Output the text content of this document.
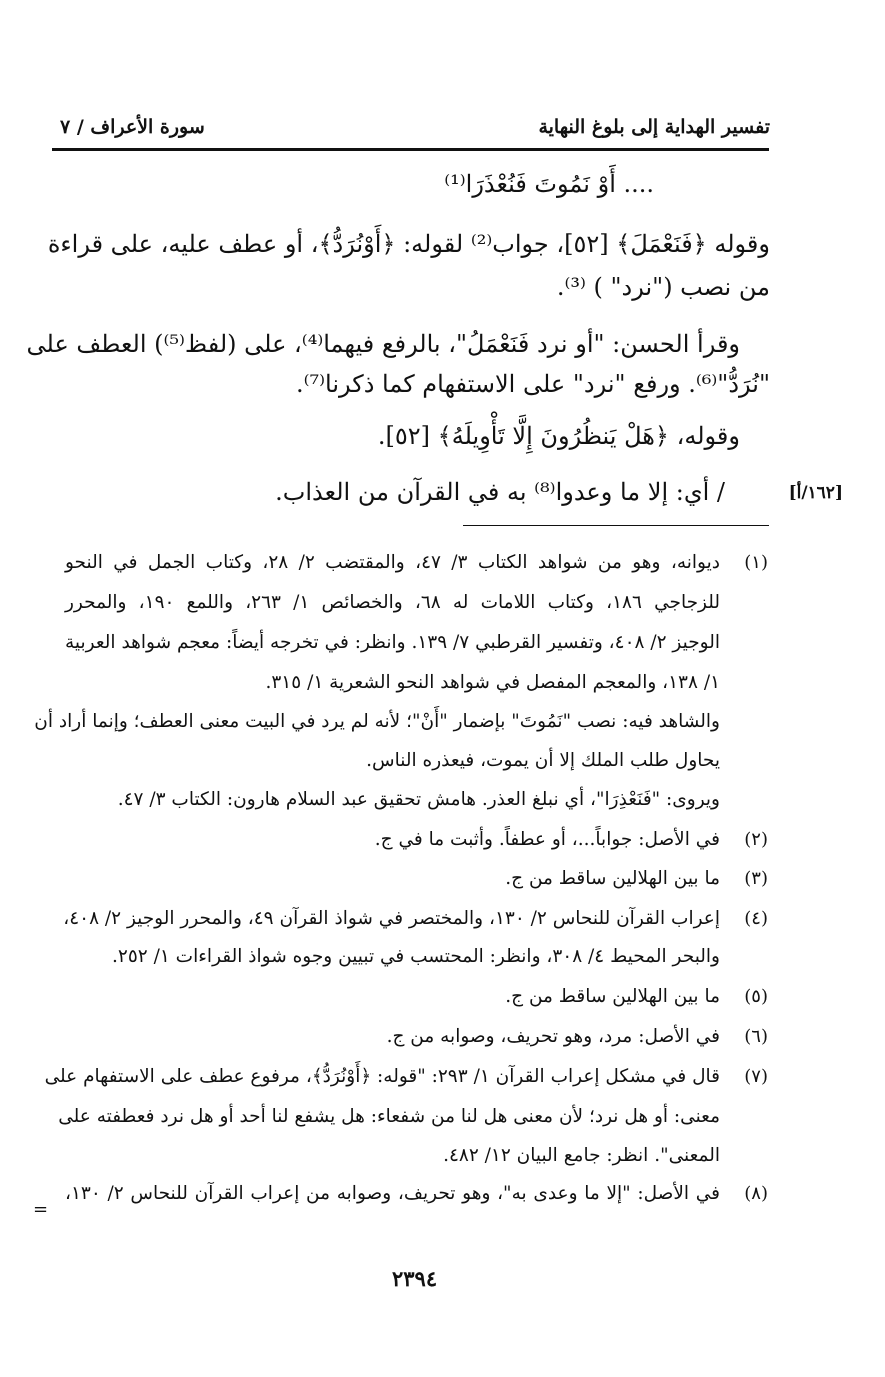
تفسير الهداية إلى بلوغ النهاية
سورة الأعراف / ٧
.... أَوْ نَمُوتَ فَنُعْذَرَا⁽¹⁾
وقوله ﴿فَنَعْمَلَ﴾ [٥٢]، جواب⁽²⁾ لقوله: ﴿أَوْنُرَدُّ﴾، أو عطف عليه، على قراءة
من نصب ("نرد" ) ⁽³⁾.
وقرأ الحسن: "أو نرد فَنَعْمَلُ"، بالرفع فيهما⁽⁴⁾، على (لفظ⁽⁵⁾) العطف على
"نُرَدُّ"⁽⁶⁾. ورفع "نرد" على الاستفهام كما ذكرنا⁽⁷⁾.
وقوله، ﴿هَلْ يَنظُرُونَ إِلَّا تَأْوِيلَهُ﴾ [٥٢].
/ أي: إلا ما وعدوا⁽⁸⁾ به في القرآن من العذاب.	[١٦٢/أ]
(١)
(٢)
(٣)
(٤)
(٥)
(٦)
(٧)
(٨)
ديوانه، وهو من شواهد الكتاب ٣/ ٤٧، والمقتضب ٢/ ٢٨، وكتاب الجمل في النحو
للزجاجي ١٨٦، وكتاب اللامات له ٦٨، والخصائص ١/ ٢٦٣، واللمع ١٩٠، والمحرر
الوجيز ٢/ ٤٠٨، وتفسير القرطبي ٧/ ١٣٩. وانظر: في تخرجه أيضاً: معجم شواهد العربية
١/ ١٣٨، والمعجم المفصل في شواهد النحو الشعرية ١/ ٣١٥.
والشاهد فيه: نصب "نَمُوتَ" بإضمار "أَنْ"؛ لأنه لم يرد في البيت معنى العطف؛ وإنما أراد أن
يحاول طلب الملك إلا أن يموت، فيعذره الناس.
ويروى: "فَنَعْذِرَا"، أي نبلغ العذر. هامش تحقيق عبد السلام هارون: الكتاب ٣/ ٤٧.
في الأصل: جواباً...، أو عطفاً. وأثبت ما في ج.
ما بين الهلالين ساقط من ج.
إعراب القرآن للنحاس ٢/ ١٣٠، والمختصر في شواذ القرآن ٤٩، والمحرر الوجيز ٢/ ٤٠٨،
والبحر المحيط ٤/ ٣٠٨، وانظر: المحتسب في تبيين وجوه شواذ القراءات ١/ ٢٥٢.
ما بين الهلالين ساقط من ج.
في الأصل: مرد، وهو تحريف، وصوابه من ج.
قال في مشكل إعراب القرآن ١/ ٢٩٣: "قوله: ﴿أَوْنُرَدُّ﴾، مرفوع عطف على الاستفهام على
معنى: أو هل نرد؛ لأن معنى هل لنا من شفعاء: هل يشفع لنا أحد أو هل نرد فعطفته على
المعنى". انظر: جامع البيان ١٢/ ٤٨٢.
في الأصل: "إلا ما وعدى به"، وهو تحريف، وصوابه من إعراب القرآن للنحاس ٢/ ١٣٠،
=
٢٣٩٤
